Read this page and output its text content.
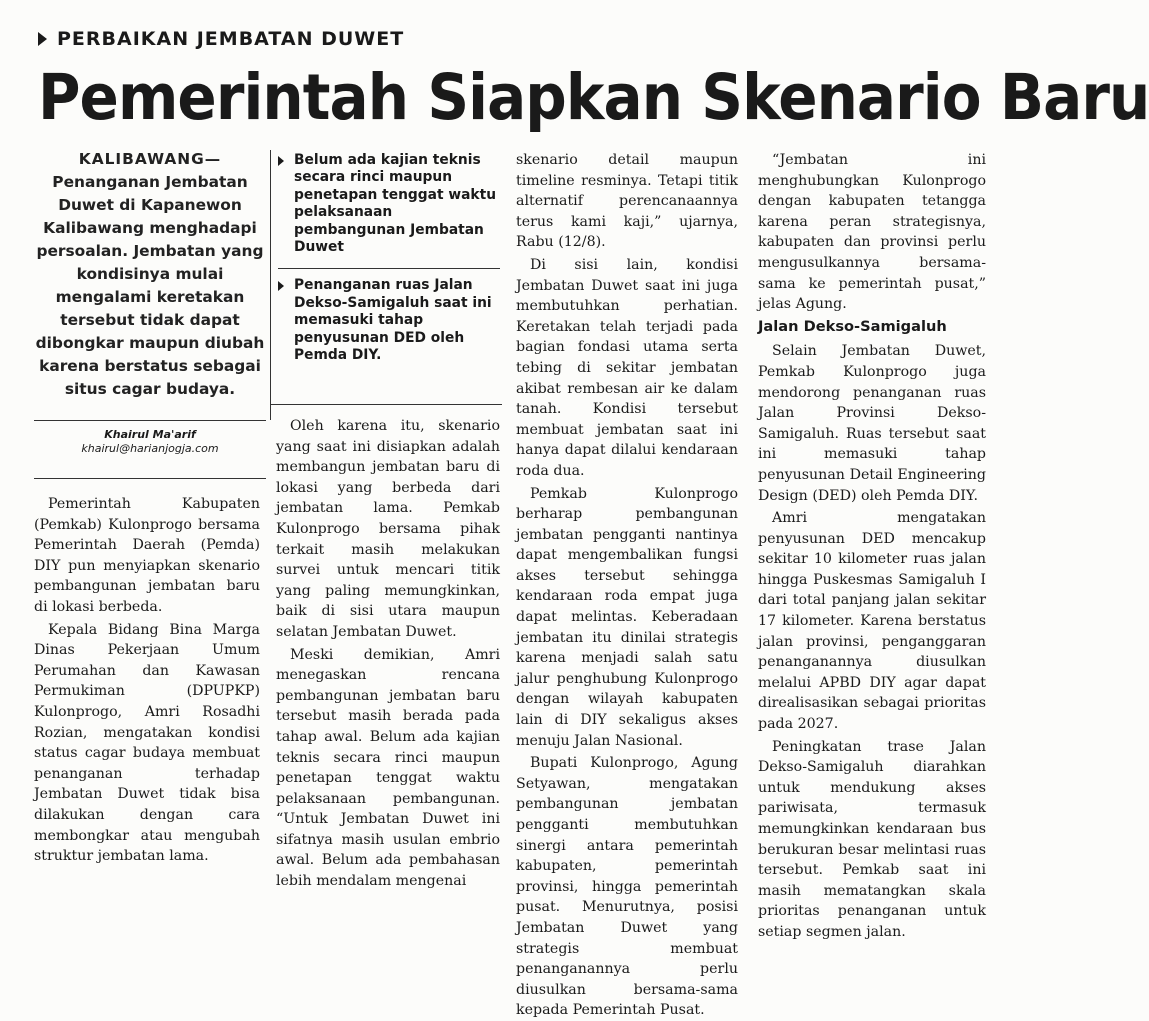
PERBAIKAN JEMBATAN DUWET
Pemerintah Siapkan Skenario Baru
KALIBAWANG—
Penanganan Jembatan Duwet di Kapanewon Kalibawang menghadapi persoalan. Jembatan yang kondisinya mulai mengalami keretakan tersebut tidak dapat dibongkar maupun diubah karena berstatus sebagai situs cagar budaya.
Khairul Ma'arif
khairul@harianjogja.com

Pemerintah Kabupaten (Pemkab) Kulonprogo bersama Pemerintah Daerah (Pemda) DIY pun menyiapkan skenario pembangunan jembatan baru di lokasi berbeda.

Kepala Bidang Bina Marga Dinas Pekerjaan Umum Perumahan dan Kawasan Permukiman (DPUPKP) Kulonprogo, Amri Rosadhi Rozian, mengatakan kondisi status cagar budaya membuat penanganan terhadap Jembatan Duwet tidak bisa dilakukan dengan cara membongkar atau mengubah struktur jembatan lama.

Belum ada kajian teknis secara rinci maupun penetapan tenggat waktu pelaksanaan pembangunan Jembatan Duwet
Penanganan ruas Jalan Dekso-Samigaluh saat ini memasuki tahap penyusunan DED oleh Pemda DIY.

Oleh karena itu, skenario yang saat ini disiapkan adalah membangun jembatan baru di lokasi yang berbeda dari jembatan lama. Pemkab Kulonprogo bersama pihak terkait masih melakukan survei untuk mencari titik yang paling memungkinkan, baik di sisi utara maupun selatan Jembatan Duwet.

Meski demikian, Amri menegaskan rencana pembangunan jembatan baru tersebut masih berada pada tahap awal. Belum ada kajian teknis secara rinci maupun penetapan tenggat waktu pelaksanaan pembangunan. “Untuk Jembatan Duwet ini sifatnya masih usulan embrio awal. Belum ada pembahasan lebih mendalam mengenai

skenario detail maupun timeline resminya. Tetapi titik alternatif perencanaannya terus kami kaji,” ujarnya, Rabu (12/8).

Di sisi lain, kondisi Jembatan Duwet saat ini juga membutuhkan perhatian. Keretakan telah terjadi pada bagian fondasi utama serta tebing di sekitar jembatan akibat rembesan air ke dalam tanah. Kondisi tersebut membuat jembatan saat ini hanya dapat dilalui kendaraan roda dua.

Pemkab Kulonprogo berharap pembangunan jembatan pengganti nantinya dapat mengembalikan fungsi akses tersebut sehingga kendaraan roda empat juga dapat melintas. Keberadaan jembatan itu dinilai strategis karena menjadi salah satu jalur penghubung Kulonprogo dengan wilayah kabupaten lain di DIY sekaligus akses menuju Jalan Nasional.

Bupati Kulonprogo, Agung Setyawan, mengatakan pembangunan jembatan pengganti membutuhkan sinergi antara pemerintah kabupaten, pemerintah provinsi, hingga pemerintah pusat. Menurutnya, posisi Jembatan Duwet yang strategis membuat penanganannya perlu diusulkan bersama-sama kepada Pemerintah Pusat.

“Jembatan ini menghubungkan Kulonprogo dengan kabupaten tetangga karena peran strategisnya, kabupaten dan provinsi perlu mengusulkannya bersama-sama ke pemerintah pusat,” jelas Agung.

Jalan Dekso-Samigaluh

Selain Jembatan Duwet, Pemkab Kulonprogo juga mendorong penanganan ruas Jalan Provinsi Dekso-Samigaluh. Ruas tersebut saat ini memasuki tahap penyusunan Detail Engineering Design (DED) oleh Pemda DIY.

Amri mengatakan penyusunan DED mencakup sekitar 10 kilometer ruas jalan hingga Puskesmas Samigaluh I dari total panjang jalan sekitar 17 kilometer. Karena berstatus jalan provinsi, penganggaran penanganannya diusulkan melalui APBD DIY agar dapat direalisasikan sebagai prioritas pada 2027.

Peningkatan trase Jalan Dekso-Samigaluh diarahkan untuk mendukung akses pariwisata, termasuk memungkinkan kendaraan bus berukuran besar melintasi ruas tersebut. Pemkab saat ini masih mematangkan skala prioritas penanganan untuk setiap segmen jalan.
